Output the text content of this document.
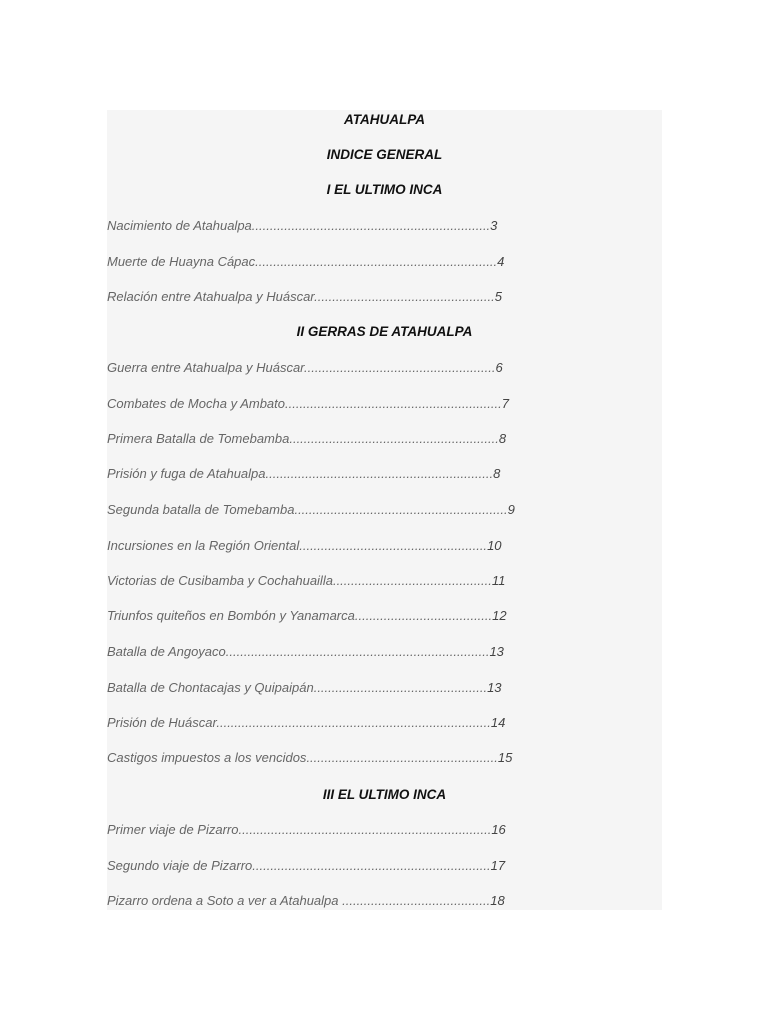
ATAHUALPA
INDICE GENERAL
I EL ULTIMO INCA
Nacimiento de Atahualpa..................................................................3
Muerte de Huayna Cápac...................................................................4
Relación entre Atahualpa y Huáscar..................................................5
II GERRAS DE ATAHUALPA
Guerra entre Atahualpa y Huáscar.....................................................6
Combates de Mocha y Ambato............................................................7
Primera Batalla de Tomebamba..........................................................8
Prisión y fuga de Atahualpa...............................................................8
Segunda batalla de Tomebamba...........................................................9
Incursiones en la Región Oriental....................................................10
Victorias de Cusibamba y Cochahuailla............................................11
Triunfos quiteños en Bombón y Yanamarca......................................12
Batalla de Angoyaco.........................................................................13
Batalla de Chontacajas y Quipaipán................................................13
Prisión de Huáscar............................................................................14
Castigos impuestos a los vencidos.....................................................15
III EL ULTIMO INCA
Primer viaje de Pizarro......................................................................16
Segundo viaje de Pizarro..................................................................17
Pizarro ordena a Soto a ver a Atahualpa .........................................18
